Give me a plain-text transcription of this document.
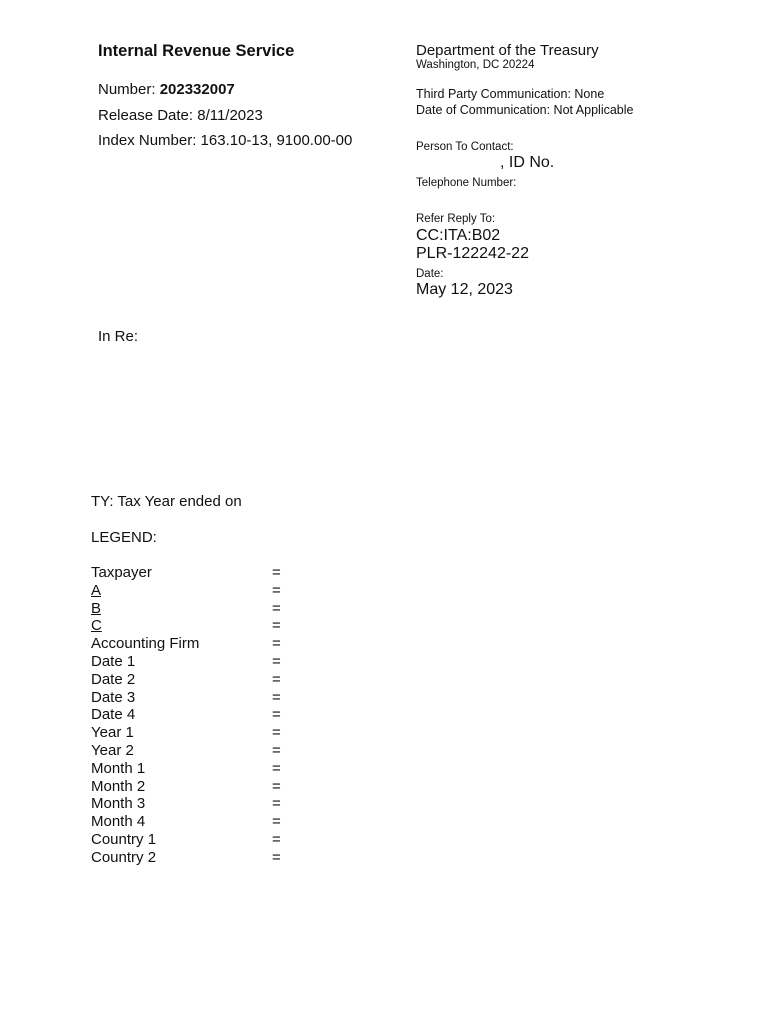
Internal Revenue Service
Number: 202332007
Release Date: 8/11/2023
Index Number: 163.10-13, 9100.00-00
Department of the Treasury
Washington, DC 20224
Third Party Communication: None
Date of Communication: Not Applicable
Person To Contact:
, ID No.
Telephone Number:
Refer Reply To:
CC:ITA:B02
PLR-122242-22
Date:
May 12, 2023
In Re:
TY: Tax Year ended on
LEGEND:
Taxpayer	=
A	=
B	=
C	=
Accounting Firm	=
Date 1	=
Date 2	=
Date 3	=
Date 4	=
Year 1	=
Year 2	=
Month 1	=
Month 2	=
Month 3	=
Month 4	=
Country 1	=
Country 2	=
